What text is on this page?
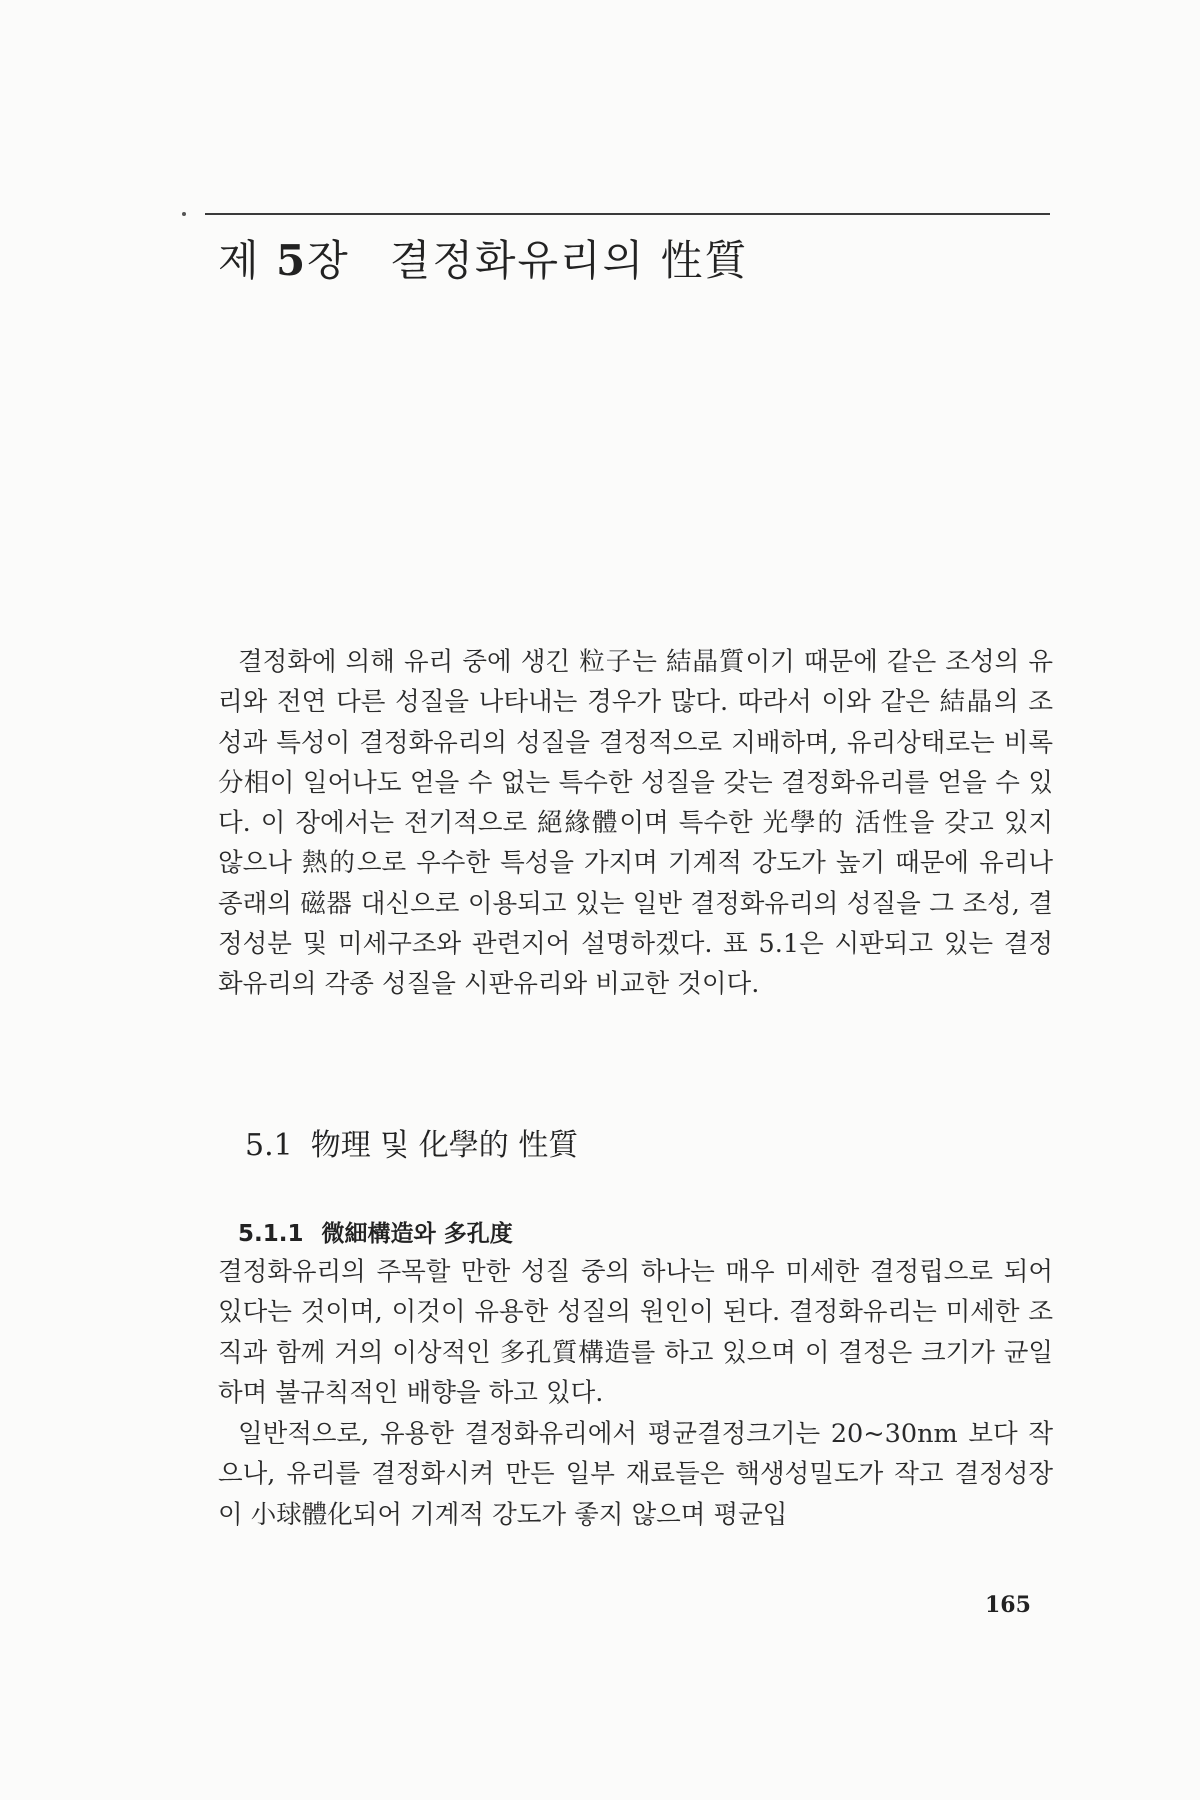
제 5장 결정화유리의 性質

결정화에 의해 유리 중에 생긴 粒子는 結晶質이기 때문에 같은 조성의 유리와 전연 다른 성질을 나타내는 경우가 많다. 따라서 이와 같은 結晶의 조성과 특성이 결정화유리의 성질을 결정적으로 지배하며, 유리상태로는 비록 分相이 일어나도 얻을 수 없는 특수한 성질을 갖는 결정화유리를 얻을 수 있다. 이 장에서는 전기적으로 絕緣體이며 특수한 光學的 活性을 갖고 있지 않으나 熱的으로 우수한 특성을 가지며 기계적 강도가 높기 때문에 유리나 종래의 磁器 대신으로 이용되고 있는 일반 결정화유리의 성질을 그 조성, 결정성분 및 미세구조와 관련지어 설명하겠다. 표 5.1은 시판되고 있는 결정화유리의 각종 성질을 시판유리와 비교한 것이다.

5.1 物理 및 化學的 性質
5.1.1 微細構造와 多孔度

결정화유리의 주목할 만한 성질 중의 하나는 매우 미세한 결정립으로 되어 있다는 것이며, 이것이 유용한 성질의 원인이 된다. 결정화유리는 미세한 조직과 함께 거의 이상적인 多孔質構造를 하고 있으며 이 결정은 크기가 균일하며 불규칙적인 배향을 하고 있다.

일반적으로, 유용한 결정화유리에서 평균결정크기는 20~30nm 보다 작으나, 유리를 결정화시켜 만든 일부 재료들은 핵생성밀도가 작고 결정성장이 小球體化되어 기계적 강도가 좋지 않으며 평균입

165
